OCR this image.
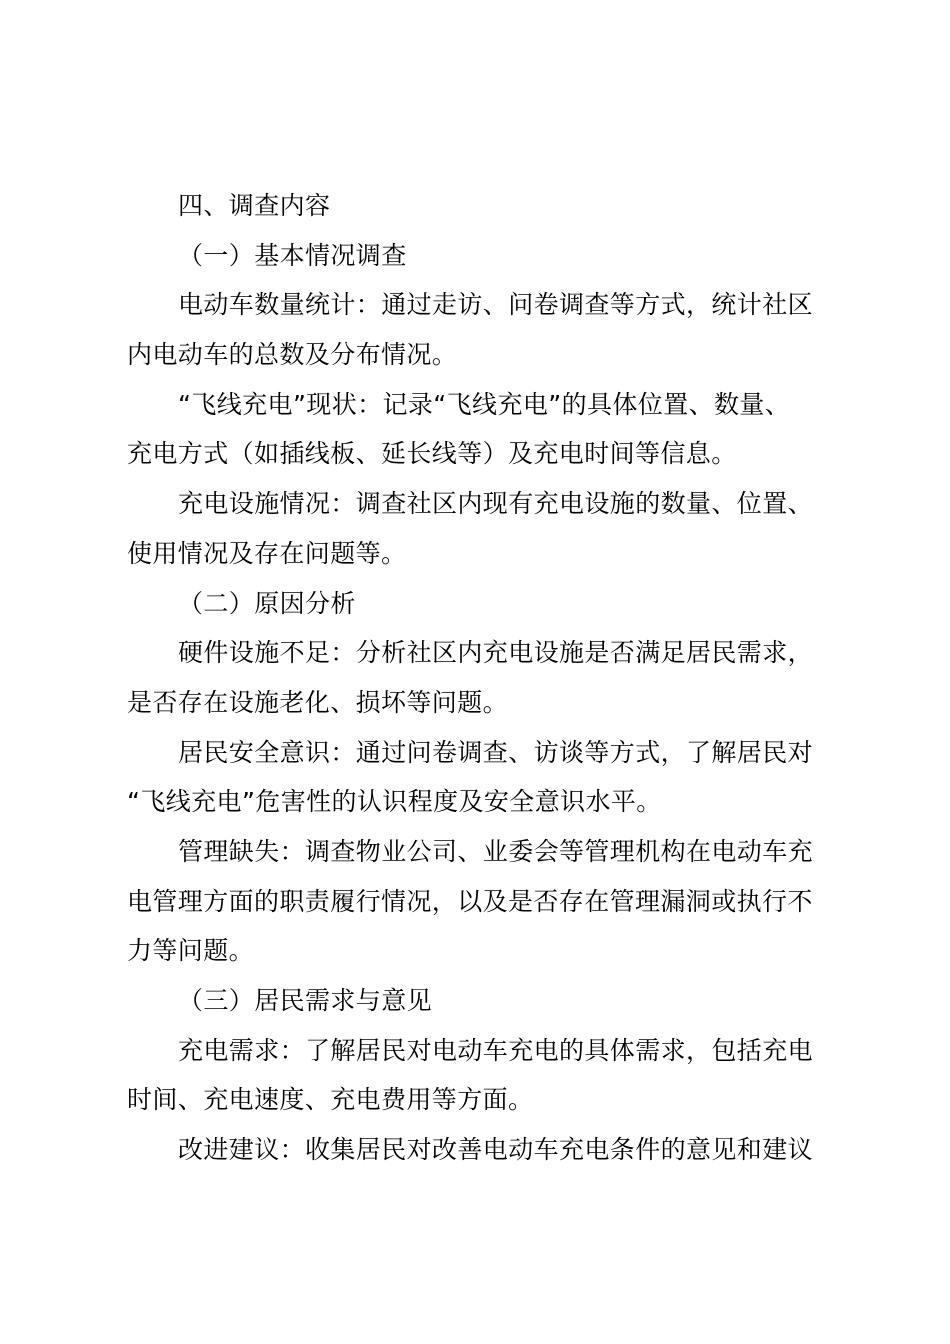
四、调查内容
（一）基本情况调查
电动车数量统计：通过走访、问卷调查等方式，统计社区
内电动车的总数及分布情况。
“飞线充电”现状：记录“飞线充电”的具体位置、数量、
充电方式（如插线板、延长线等）及充电时间等信息。
充电设施情况：调查社区内现有充电设施的数量、位置、
使用情况及存在问题等。
（二）原因分析
硬件设施不足：分析社区内充电设施是否满足居民需求，
是否存在设施老化、损坏等问题。
居民安全意识：通过问卷调查、访谈等方式，了解居民对
“飞线充电”危害性的认识程度及安全意识水平。
管理缺失：调查物业公司、业委会等管理机构在电动车充
电管理方面的职责履行情况，以及是否存在管理漏洞或执行不
力等问题。
（三）居民需求与意见
充电需求：了解居民对电动车充电的具体需求，包括充电
时间、充电速度、充电费用等方面。
改进建议：收集居民对改善电动车充电条件的意见和建议
